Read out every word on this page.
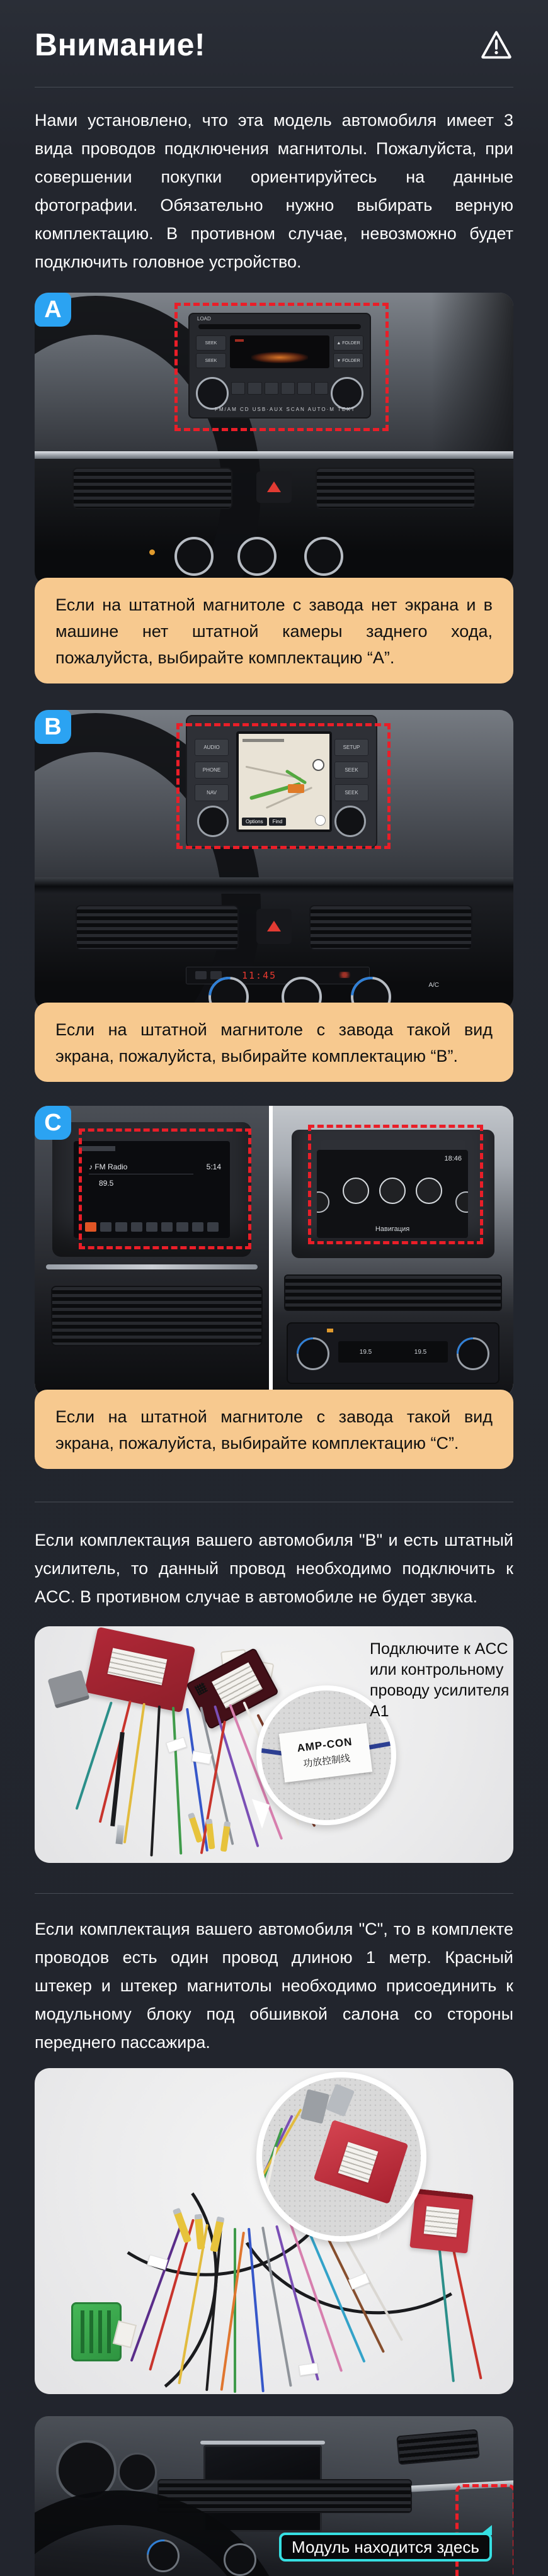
Внимание!

Нами установлено, что эта модель автомобиля имеет 3 вида проводов подключения магнитолы. Пожалуйста, при совершении покупки ориентируйтесь на данные фотографии. Обязательно нужно выбирать верную комплектацию. В противном случае, невозможно будет подключить головное устройство.

LOAD
SEEK
SEEK
▲ FOLDER
▼ FOLDER
FM/AM CD USB·AUX SCAN AUTO·M TEXT
A
Если на штатной магнитоле с завода нет экрана и в машине нет штатной камеры заднего хода, пожалуйста, выбирайте комплектацию “A”.
AUDIO
PHONE
NAV
SETUP
SEEK
SEEK
Options	Find
11:45
A/C
B
Если на штатной магнитоле с завода такой вид экрана, пожалуйста, выбирайте комплектацию “B”.
♪ FM Radio	5:14
89.5
18:46
Навигация
19.5	19.5
C
Если на штатной магнитоле с завода такой вид экрана, пожалуйста, выбирайте комплектацию “C”.

Если комплектация вашего автомобиля "B" и есть штатный усилитель, то данный провод необходимо подключить к ACC. В противном случае в автомобиле не будет звука.

AMP-CON
功放控制线
Подключите к ACC или контрольному проводу усилителя A1

Если комплектация вашего автомобиля "C", то в комплекте проводов есть один провод длиною 1 метр. Красный штекер и штекер магнитолы необходимо присоединить к модульному блоку под обшивкой салона со стороны переднего пассажира.

Модуль находится здесь
